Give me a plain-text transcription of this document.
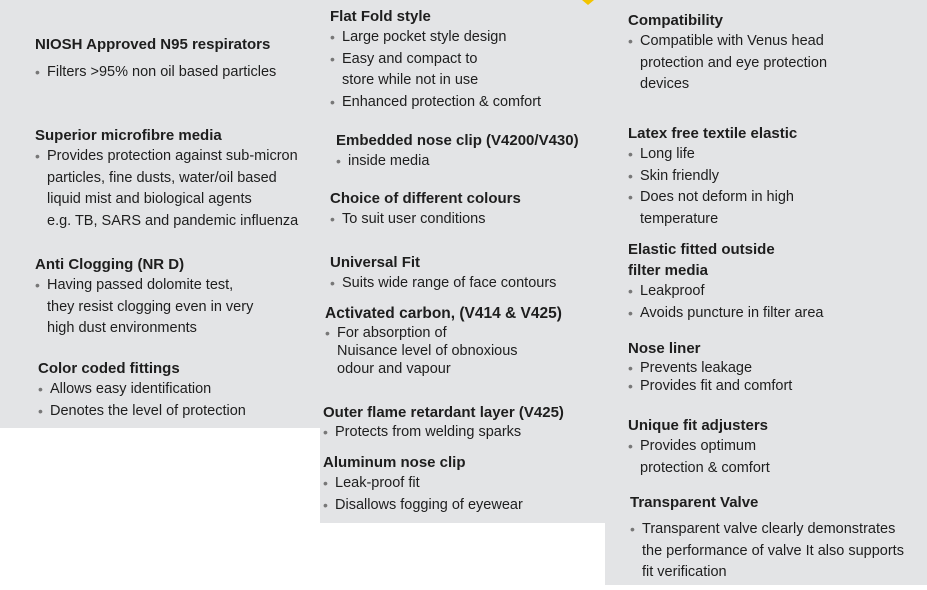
NIOSH Approved N95 respirators
• Filters >95% non oil based particles
Superior microfibre media
• Provides protection against sub-micron
particles, fine dusts, water/oil based
liquid mist and biological agents
e.g. TB, SARS and pandemic influenza
Anti Clogging (NR D)
• Having passed dolomite test,
they resist clogging even in very
high dust environments
Color coded fittings
• Allows easy identification
• Denotes the level of protection
Flat Fold style
• Large pocket style design
• Easy and compact to
store while not in use
• Enhanced protection & comfort
Embedded nose clip (V4200/V430)
• inside media
Choice of different colours
• To suit user conditions
Universal Fit
• Suits wide range of face contours
Activated carbon, (V414 & V425)
• For absorption of
Nuisance level of obnoxious
odour and vapour
Outer flame retardant layer (V425)
• Protects from welding sparks
Aluminum nose clip
• Leak-proof fit
• Disallows fogging of eyewear
Compatibility
• Compatible with Venus head
protection and eye protection
devices
Latex free textile elastic
• Long life
• Skin friendly
• Does not deform in high
temperature
Elastic fitted outside
filter media
• Leakproof
• Avoids puncture in filter area
Nose liner
• Prevents leakage
• Provides fit and comfort
Unique fit adjusters
• Provides optimum
protection & comfort
Transparent Valve
• Transparent valve clearly demonstrates
the performance of valve It also supports
fit verification
